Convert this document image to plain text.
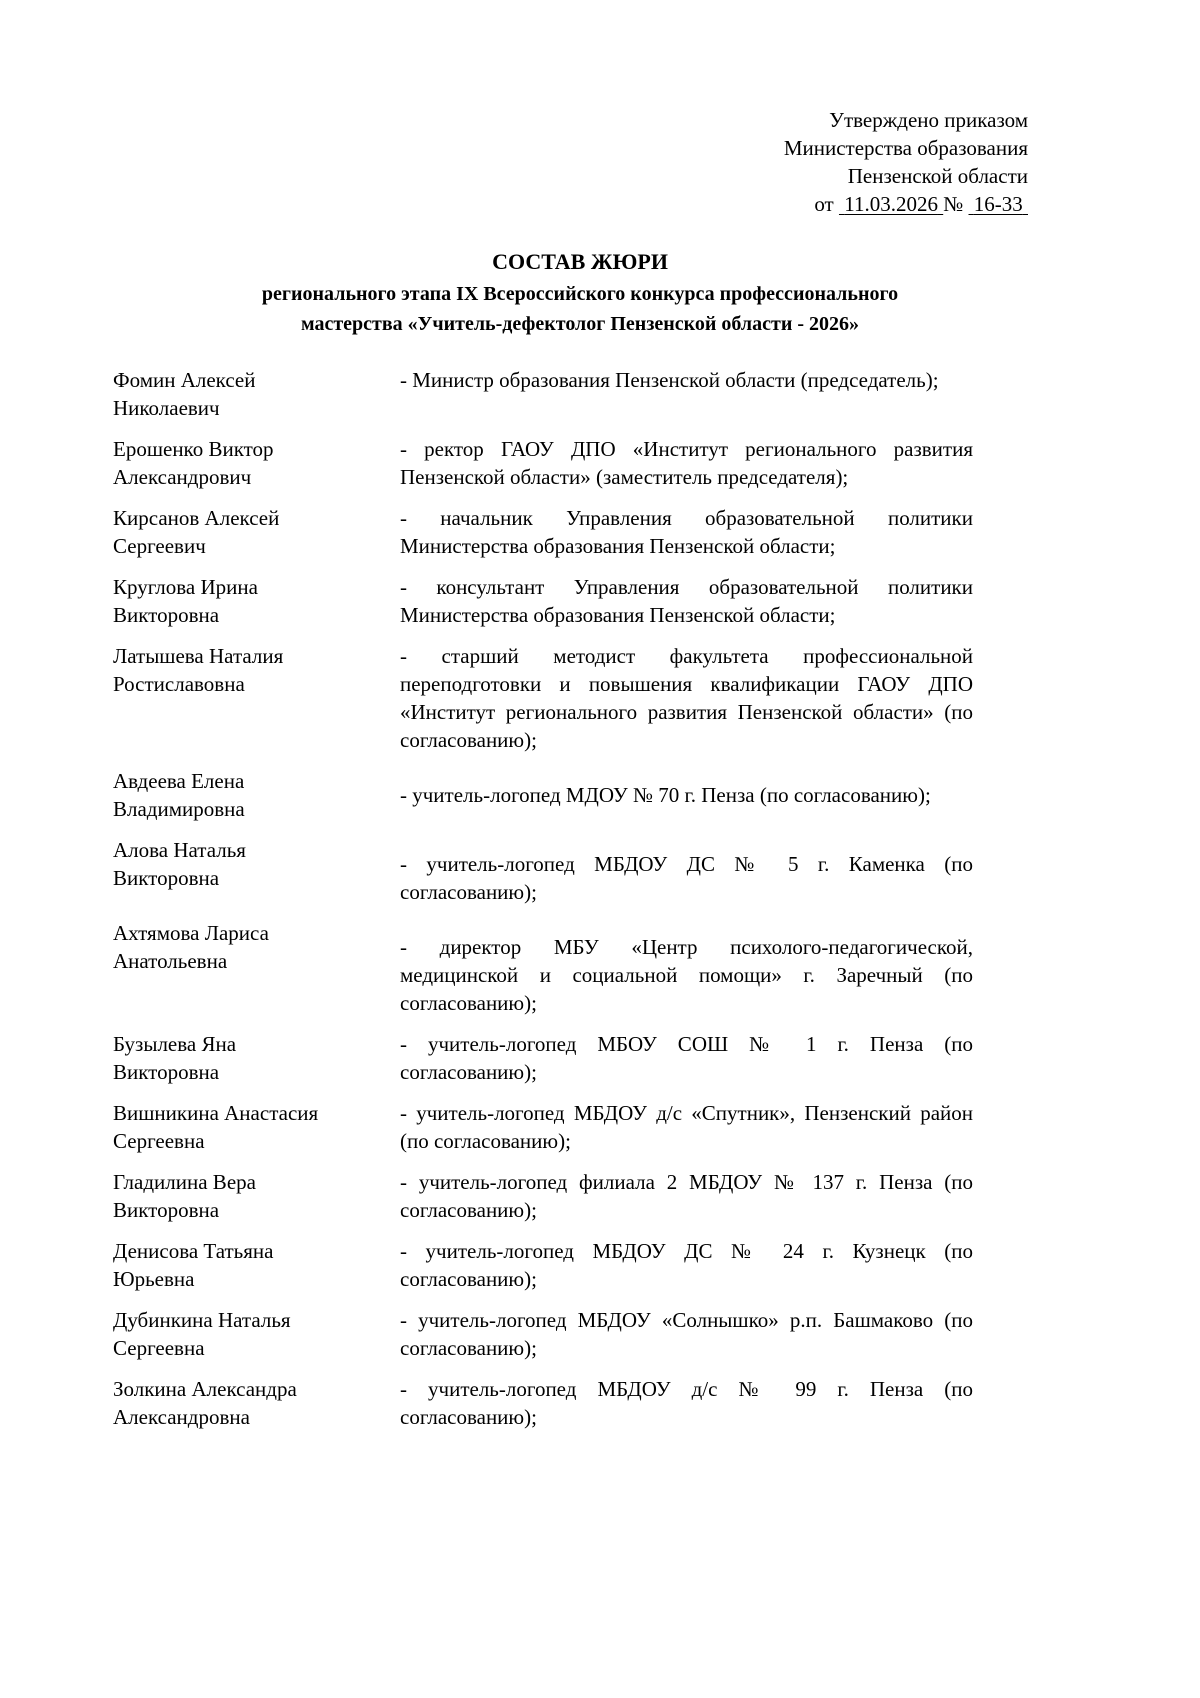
Утверждено приказом
Министерства образования
Пензенской области
от 11.03.2026 № 16-33
СОСТАВ ЖЮРИ
регионального этапа IX Всероссийского конкурса профессионального
мастерства «Учитель-дефектолог Пензенской области - 2026»
Фомин Алексей
Николаевич
- Министр образования Пензенской области (председатель);
Ерошенко Виктор
Александрович
- ректор ГАОУ ДПО «Институт регионального развития Пензенской области» (заместитель председателя);
Кирсанов Алексей
Сергеевич
- начальник Управления образовательной политики Министерства образования Пензенской области;
Круглова Ирина
Викторовна
- консультант Управления образовательной политики Министерства образования Пензенской области;
Латышева Наталия
Ростиславовна
- старший методист факультета профессиональной переподготовки и повышения квалификации ГАОУ ДПО «Институт регионального развития Пензенской области» (по согласованию);
Авдеева Елена
Владимировна
- учитель-логопед МДОУ № 70 г. Пенза (по согласованию);
Алова Наталья
Викторовна
- учитель-логопед МБДОУ ДС № 5 г. Каменка (по согласованию);
Ахтямова Лариса
Анатольевна
- директор МБУ «Центр психолого-педагогической, медицинской и социальной помощи» г. Заречный (по согласованию);
Бузылева Яна
Викторовна
- учитель-логопед МБОУ СОШ № 1 г. Пенза (по согласованию);
Вишникина Анастасия
Сергеевна
- учитель-логопед МБДОУ д/с «Спутник», Пензенский район (по согласованию);
Гладилина Вера
Викторовна
- учитель-логопед филиала 2 МБДОУ № 137 г. Пенза (по согласованию);
Денисова Татьяна
Юрьевна
- учитель-логопед МБДОУ ДС № 24 г. Кузнецк (по согласованию);
Дубинкина Наталья
Сергеевна
- учитель-логопед МБДОУ «Солнышко» р.п. Башмаково (по согласованию);
Золкина Александра
Александровна
- учитель-логопед МБДОУ д/с № 99 г. Пенза (по согласованию);
